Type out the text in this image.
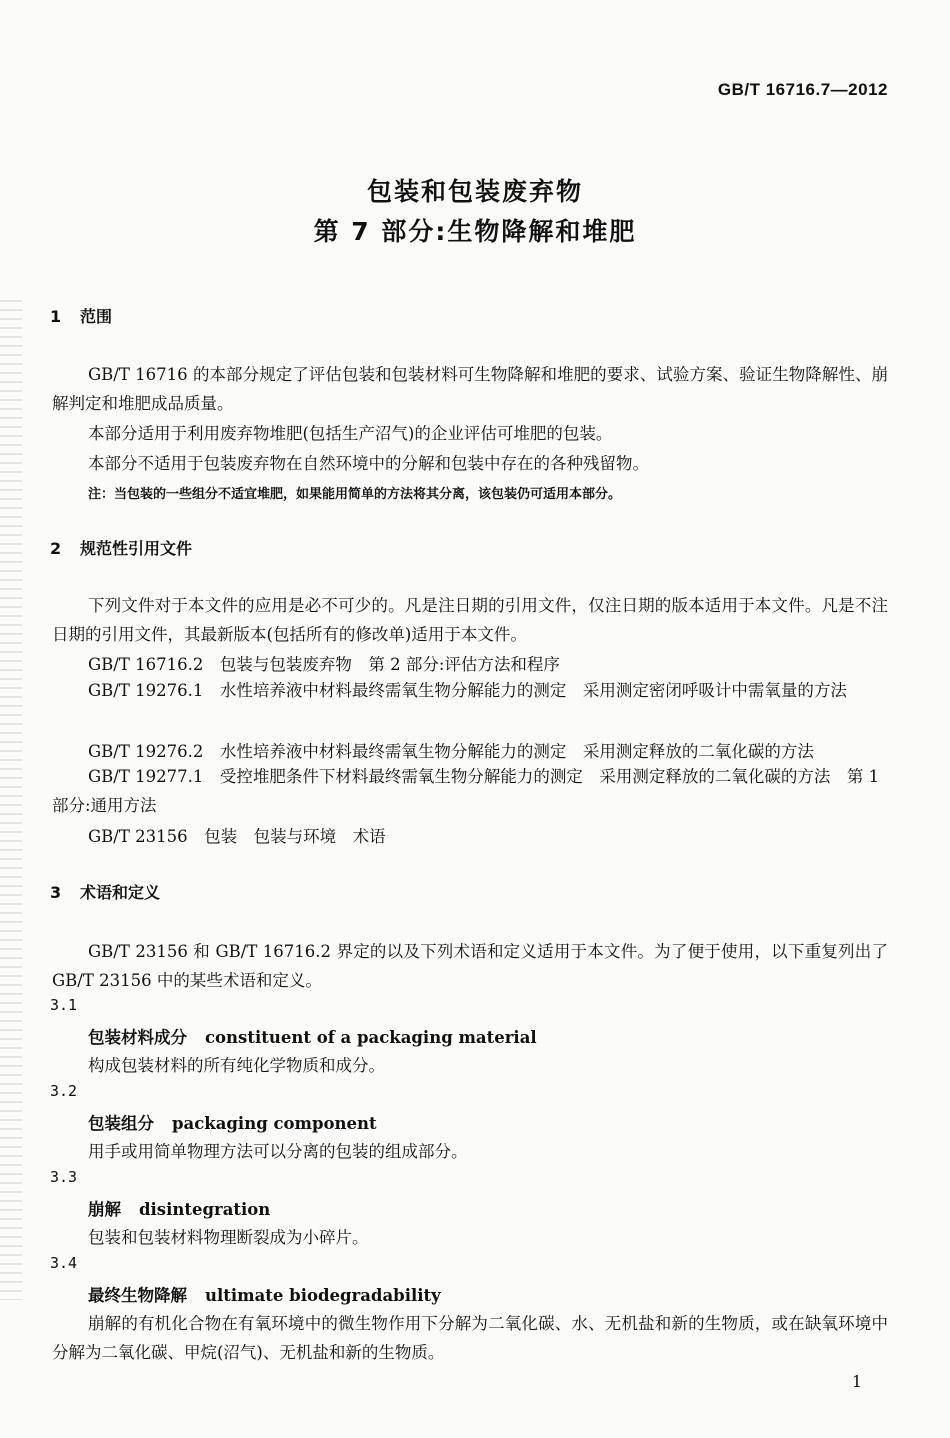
GB/T 16716.7—2012
包装和包装废弃物
第 7 部分:生物降解和堆肥
1 范围
GB/T 16716 的本部分规定了评估包装和包装材料可生物降解和堆肥的要求、试验方案、验证生物降解性、崩解判定和堆肥成品质量。
本部分适用于利用废弃物堆肥(包括生产沼气)的企业评估可堆肥的包装。
本部分不适用于包装废弃物在自然环境中的分解和包装中存在的各种残留物。
注：当包装的一些组分不适宜堆肥，如果能用简单的方法将其分离，该包装仍可适用本部分。
2 规范性引用文件
下列文件对于本文件的应用是必不可少的。凡是注日期的引用文件，仅注日期的版本适用于本文件。凡是不注日期的引用文件，其最新版本(包括所有的修改单)适用于本文件。
GB/T 16716.2　包装与包装废弃物　第 2 部分:评估方法和程序
GB/T 19276.1　水性培养液中材料最终需氧生物分解能力的测定　采用测定密闭呼吸计中需氧量的方法
GB/T 19276.2　水性培养液中材料最终需氧生物分解能力的测定　采用测定释放的二氧化碳的方法
GB/T 19277.1　受控堆肥条件下材料最终需氧生物分解能力的测定　采用测定释放的二氧化碳的方法　第 1 部分:通用方法
GB/T 23156　包装　包装与环境　术语
3 术语和定义
GB/T 23156 和 GB/T 16716.2 界定的以及下列术语和定义适用于本文件。为了便于使用，以下重复列出了 GB/T 23156 中的某些术语和定义。
3.1
包装材料成分 constituent of a packaging material
构成包装材料的所有纯化学物质和成分。
3.2
包装组分 packaging component
用手或用简单物理方法可以分离的包装的组成部分。
3.3
崩解 disintegration
包装和包装材料物理断裂成为小碎片。
3.4
最终生物降解 ultimate biodegradability
崩解的有机化合物在有氧环境中的微生物作用下分解为二氧化碳、水、无机盐和新的生物质，或在缺氧环境中分解为二氧化碳、甲烷(沼气)、无机盐和新的生物质。
1
